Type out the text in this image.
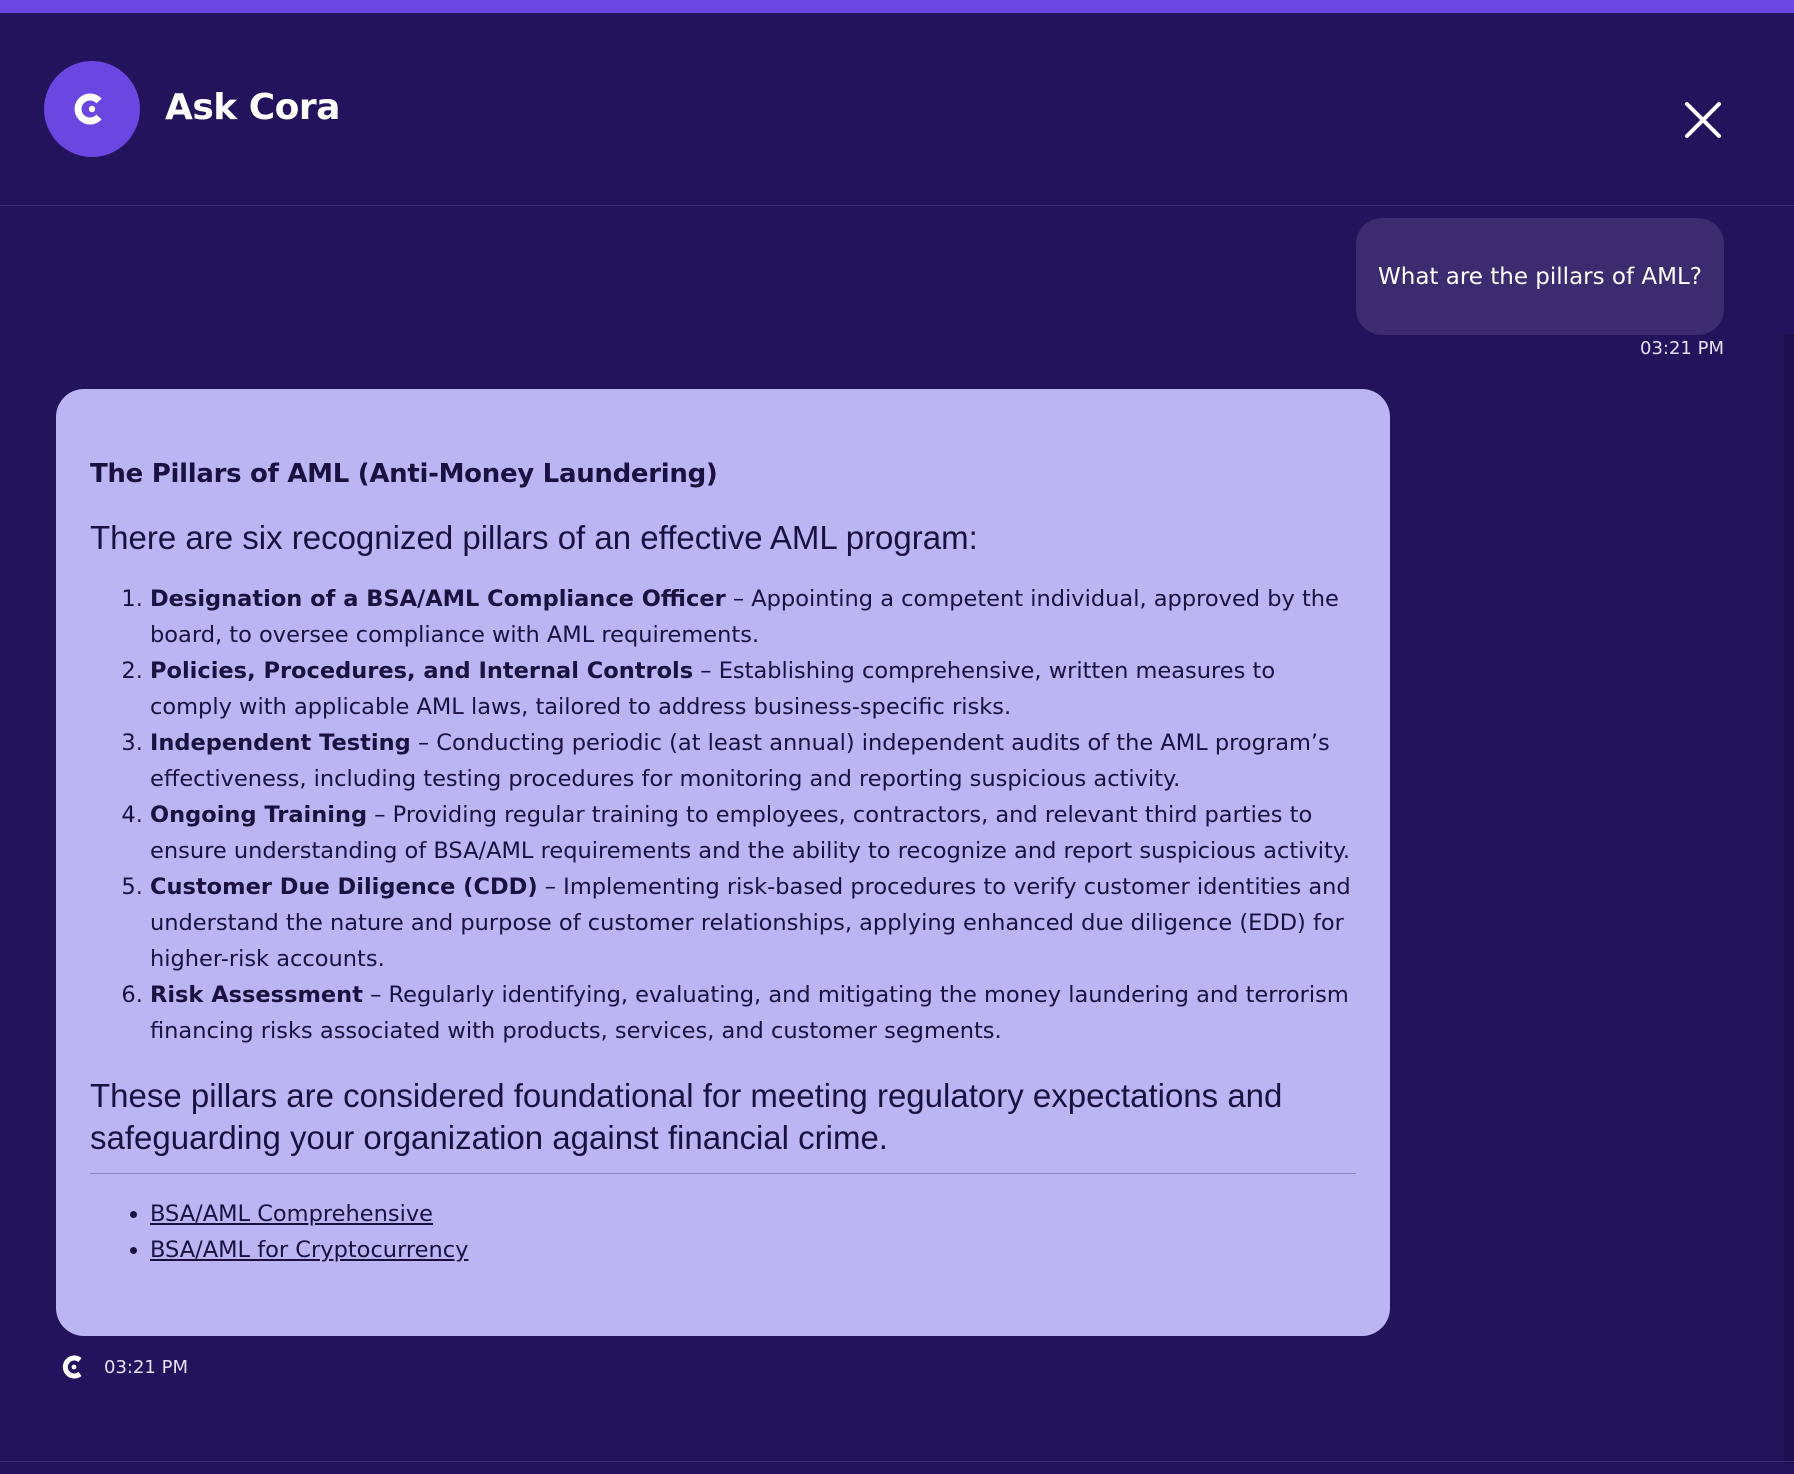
Ask Cora
What are the pillars of AML?
03:21 PM
The Pillars of AML (Anti-Money Laundering)
There are six recognized pillars of an effective AML program:
1. Designation of a BSA/AML Compliance Officer – Appointing a competent individual, approved by the board, to oversee compliance with AML requirements.
2. Policies, Procedures, and Internal Controls – Establishing comprehensive, written measures to comply with applicable AML laws, tailored to address business-specific risks.
3. Independent Testing – Conducting periodic (at least annual) independent audits of the AML program’s effectiveness, including testing procedures for monitoring and reporting suspicious activity.
4. Ongoing Training – Providing regular training to employees, contractors, and relevant third parties to ensure understanding of BSA/AML requirements and the ability to recognize and report suspicious activity.
5. Customer Due Diligence (CDD) – Implementing risk-based procedures to verify customer identities and understand the nature and purpose of customer relationships, applying enhanced due diligence (EDD) for higher-risk accounts.
6. Risk Assessment – Regularly identifying, evaluating, and mitigating the money laundering and terrorism financing risks associated with products, services, and customer segments.
These pillars are considered foundational for meeting regulatory expectations and safeguarding your organization against financial crime.
• BSA/AML Comprehensive
• BSA/AML for Cryptocurrency
03:21 PM
